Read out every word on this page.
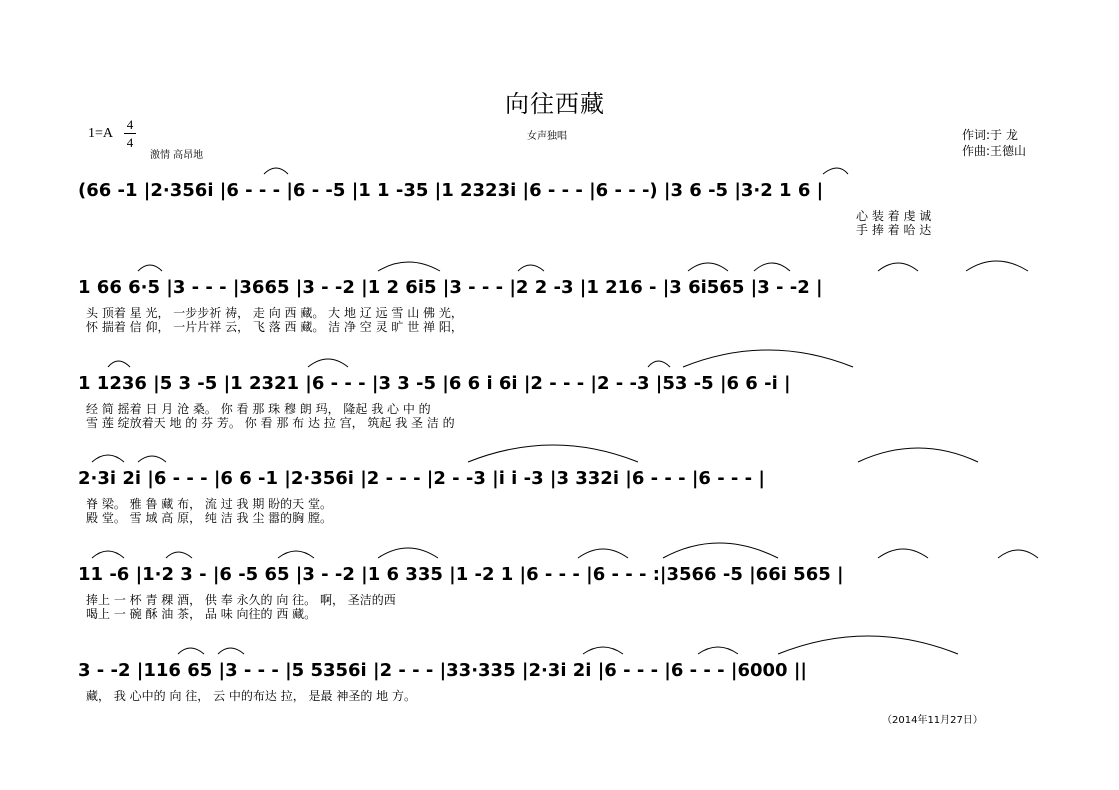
向往西藏
1=A
4
4
激情 高昂地
女声独唱	作词:于 龙
作曲:王德山
(66 -1 |2·356i |6 - - - |6 - -5 |1 1 -35 |1 2323i |6 - - - |6 - - -) |3 6 -5 |3·2 1 6 |
心 装 着 虔 诚
手 捧 着 哈 达
1 66 6·5 |3 - - - |3665 |3 - -2 |1 2 6i5 |3 - - - |2 2 -3 |1 216 - |3 6i565 |3 - -2 |
头 顶着 星 光， 一步步祈 祷， 走 向 西 藏。 大 地 辽 远 雪 山 佛 光，
怀 揣着 信 仰， 一片片祥 云， 飞 落 西 藏。 洁 净 空 灵 旷 世 禅 阳，
1 1236 |5 3 -5 |1 2321 |6 - - - |3 3 -5 |6 6 i 6i |2 - - - |2 - -3 |53 -5 |6 6 -i |
经 简 摇着 日 月 沧 桑。 你 看 那 珠 穆 朗 玛， 隆起 我 心 中 的
雪 莲 绽放着天 地 的 芬 芳。 你 看 那 布 达 拉 宫， 筑起 我 圣 洁 的
2·3i 2i |6 - - - |6 6 -1 |2·356i |2 - - - |2 - -3 |i i -3 |3 332i |6 - - - |6 - - - |
脊 梁。 雅 鲁 藏 布， 流 过 我 期 盼的天 堂。
殿 堂。 雪 域 高 原， 纯 洁 我 尘 嚣的胸 膛。
11 -6 |1·2 3 - |6 -5 65 |3 - -2 |1 6 335 |1 -2 1 |6 - - - |6 - - - :|3566 -5 |66i 565 |
捧上 一 杯 青 稞 酒， 供 奉 永久的 向 往。 啊， 圣洁的西
喝上 一 碗 酥 油 茶， 品 味 向往的 西 藏。
3 - -2 |116 65 |3 - - - |5 5356i |2 - - - |33·335 |2·3i 2i |6 - - - |6 - - - |6000 ||
藏， 我 心中的 向 往， 云 中的布达 拉， 是最 神圣的 地 方。
（2014年11月27日）
